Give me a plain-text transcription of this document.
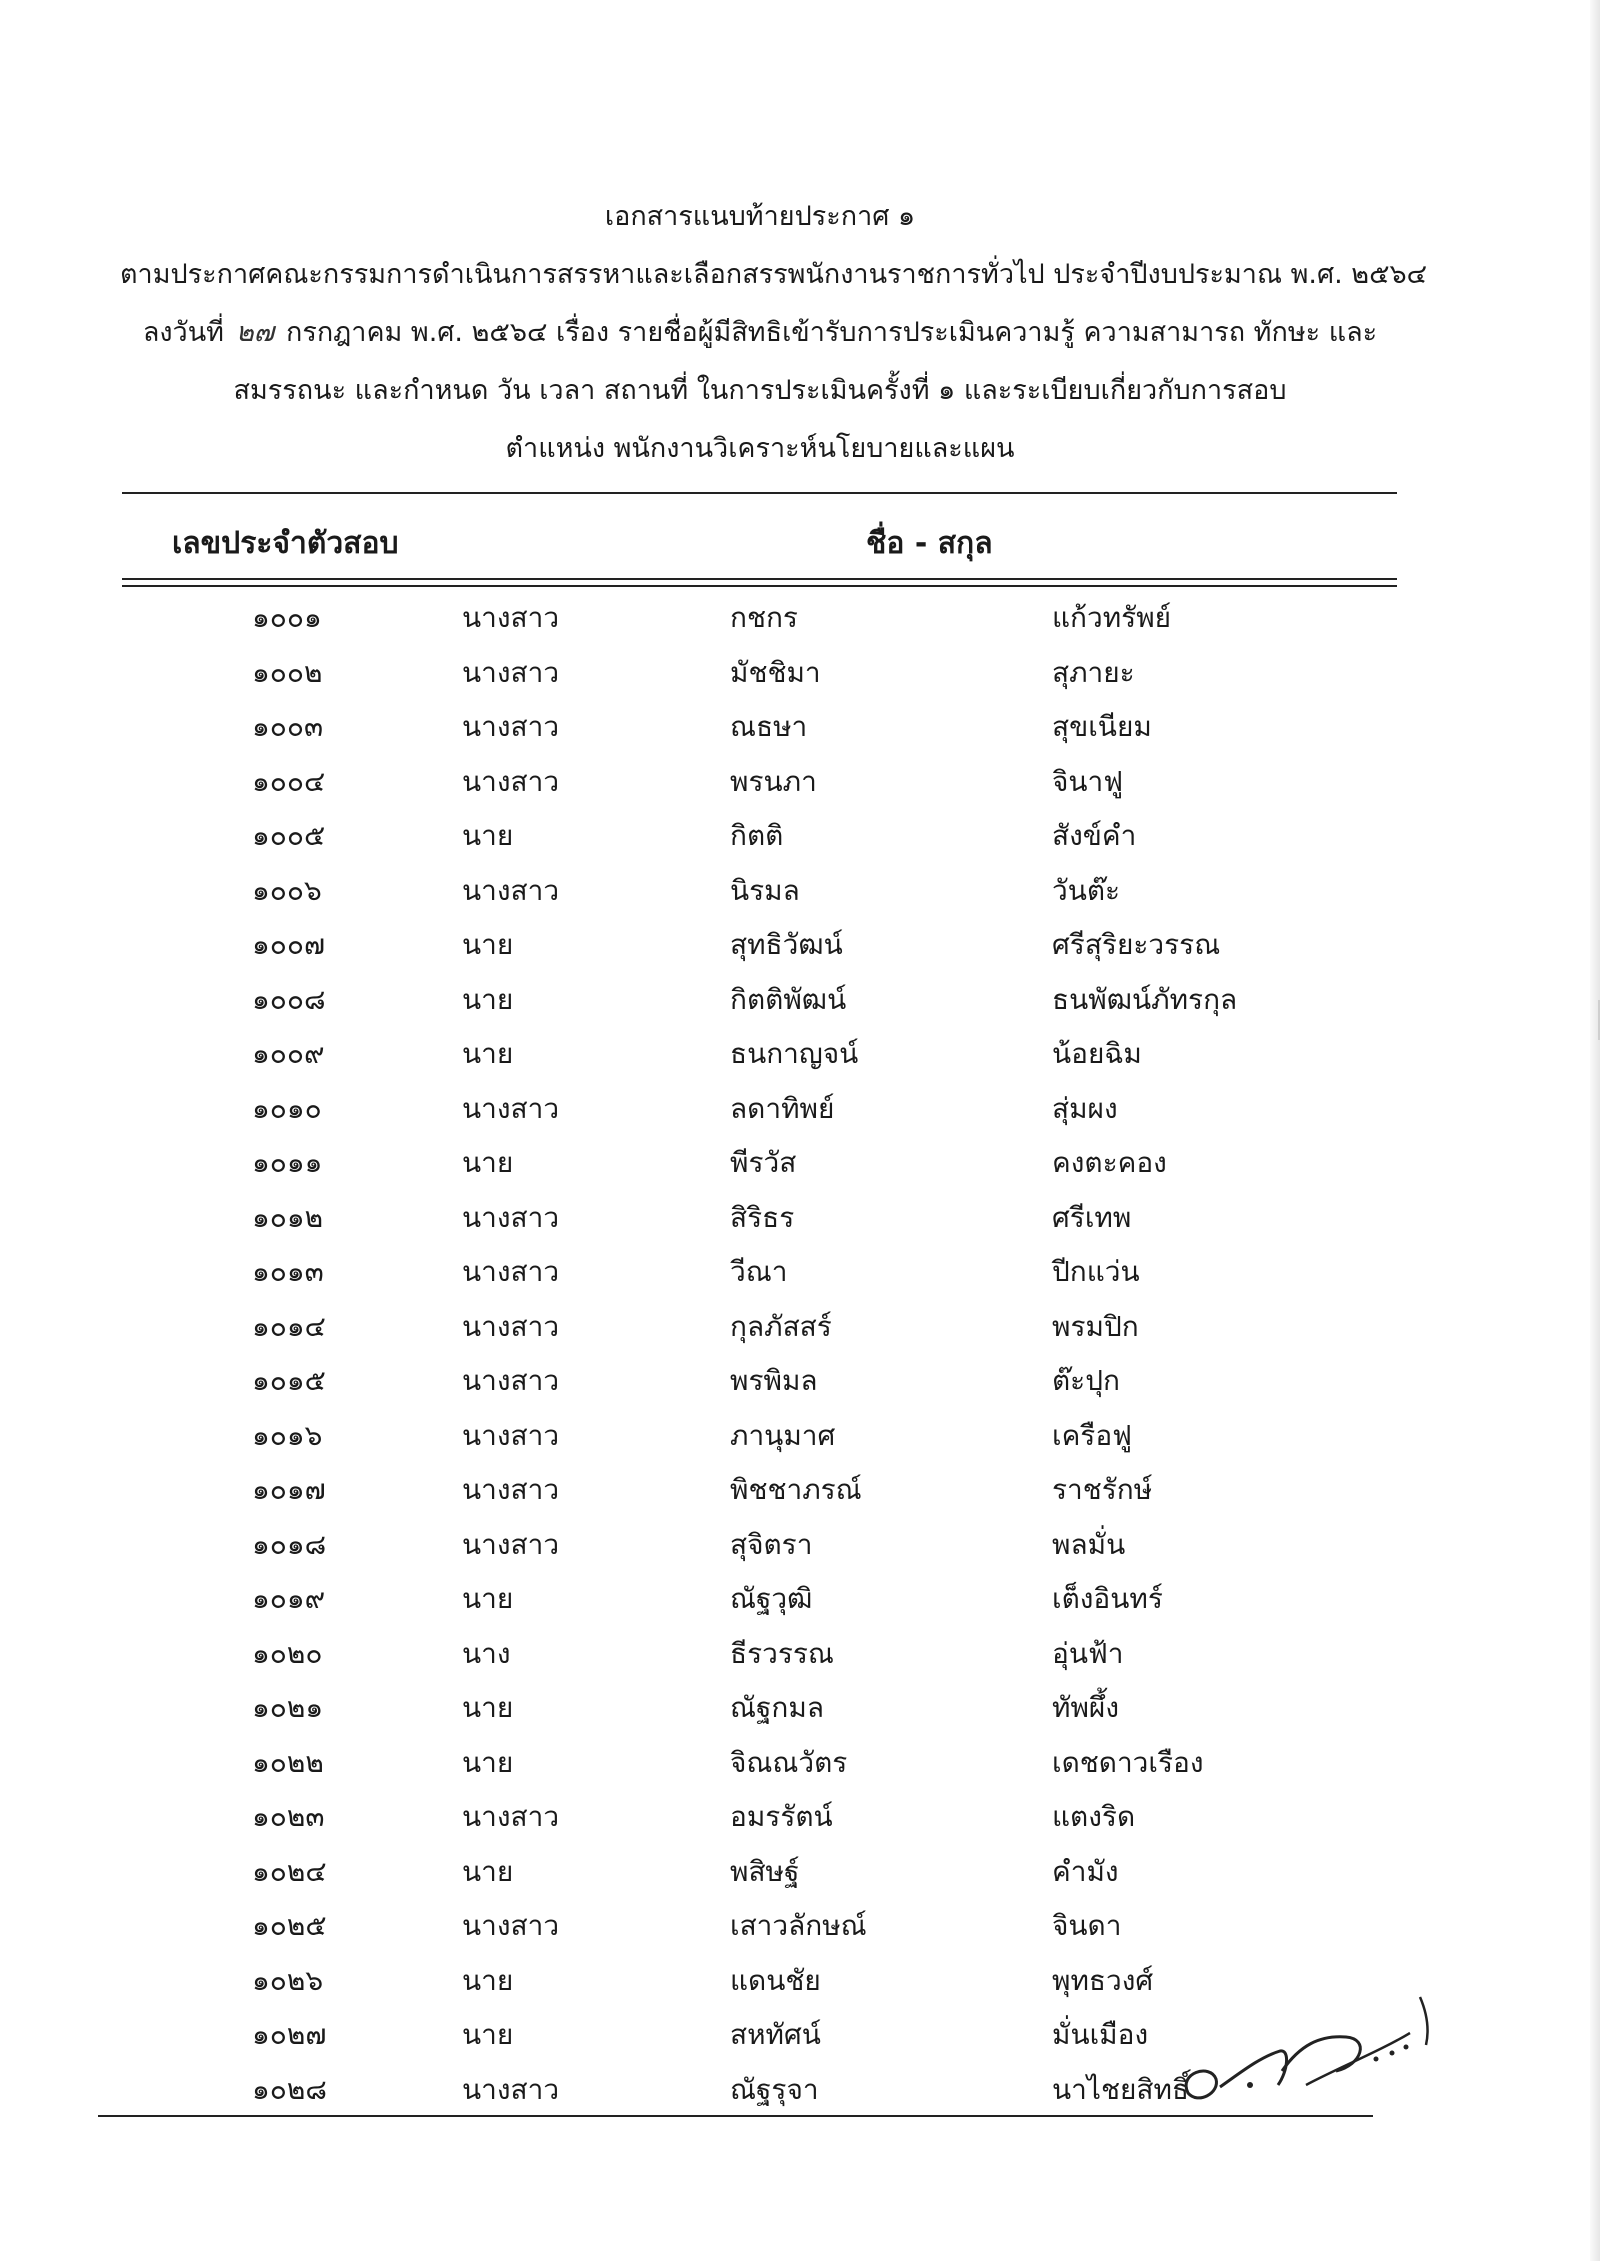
เอกสารแนบท้ายประกาศ ๑
ตามประกาศคณะกรรมการดำเนินการสรรหาและเลือกสรรพนักงานราชการทั่วไป ประจำปีงบประมาณ พ.ศ. ๒๕๖๔
ลงวันที่ ๒๗ กรกฎาคม พ.ศ. ๒๕๖๔ เรื่อง รายชื่อผู้มีสิทธิเข้ารับการประเมินความรู้ ความสามารถ ทักษะ และ
สมรรถนะ และกำหนด วัน เวลา สถานที่ ในการประเมินครั้งที่ ๑ และระเบียบเกี่ยวกับการสอบ
ตำแหน่ง พนักงานวิเคราะห์นโยบายและแผน
เลขประจำตัวสอบ	ชื่อ - สกุล
๑๐๐๑	นางสาว	กชกร	แก้วทรัพย์
๑๐๐๒	นางสาว	มัชชิมา	สุภายะ
๑๐๐๓	นางสาว	ณธษา	สุขเนียม
๑๐๐๔	นางสาว	พรนภา	จินาฟู
๑๐๐๕	นาย	กิตติ	สังข์คำ
๑๐๐๖	นางสาว	นิรมล	วันต๊ะ
๑๐๐๗	นาย	สุทธิวัฒน์	ศรีสุริยะวรรณ
๑๐๐๘	นาย	กิตติพัฒน์	ธนพัฒน์ภัทรกุล
๑๐๐๙	นาย	ธนกาญจน์	น้อยฉิม
๑๐๑๐	นางสาว	ลดาทิพย์	สุ่มผง
๑๐๑๑	นาย	พีรวัส	คงตะคอง
๑๐๑๒	นางสาว	สิริธร	ศรีเทพ
๑๐๑๓	นางสาว	วีณา	ปีกแว่น
๑๐๑๔	นางสาว	กุลภัสสร์	พรมปิก
๑๐๑๕	นางสาว	พรพิมล	ต๊ะปุก
๑๐๑๖	นางสาว	ภานุมาศ	เครือฟู
๑๐๑๗	นางสาว	พิชชาภรณ์	ราชรักษ์
๑๐๑๘	นางสาว	สุจิตรา	พลมั่น
๑๐๑๙	นาย	ณัฐวุฒิ	เต็งอินทร์
๑๐๒๐	นาง	ธีรวรรณ	อุ่นฟ้า
๑๐๒๑	นาย	ณัฐกมล	ทัพผึ้ง
๑๐๒๒	นาย	จิณณวัตร	เดชดาวเรือง
๑๐๒๓	นางสาว	อมรรัตน์	แตงริด
๑๐๒๔	นาย	พสิษฐ์	คำมัง
๑๐๒๕	นางสาว	เสาวลักษณ์	จินดา
๑๐๒๖	นาย	แดนชัย	พุทธวงศ์
๑๐๒๗	นาย	สหทัศน์	มั่นเมือง
๑๐๒๘	นางสาว	ณัฐรุจา	นาไชยสิทธิ์
